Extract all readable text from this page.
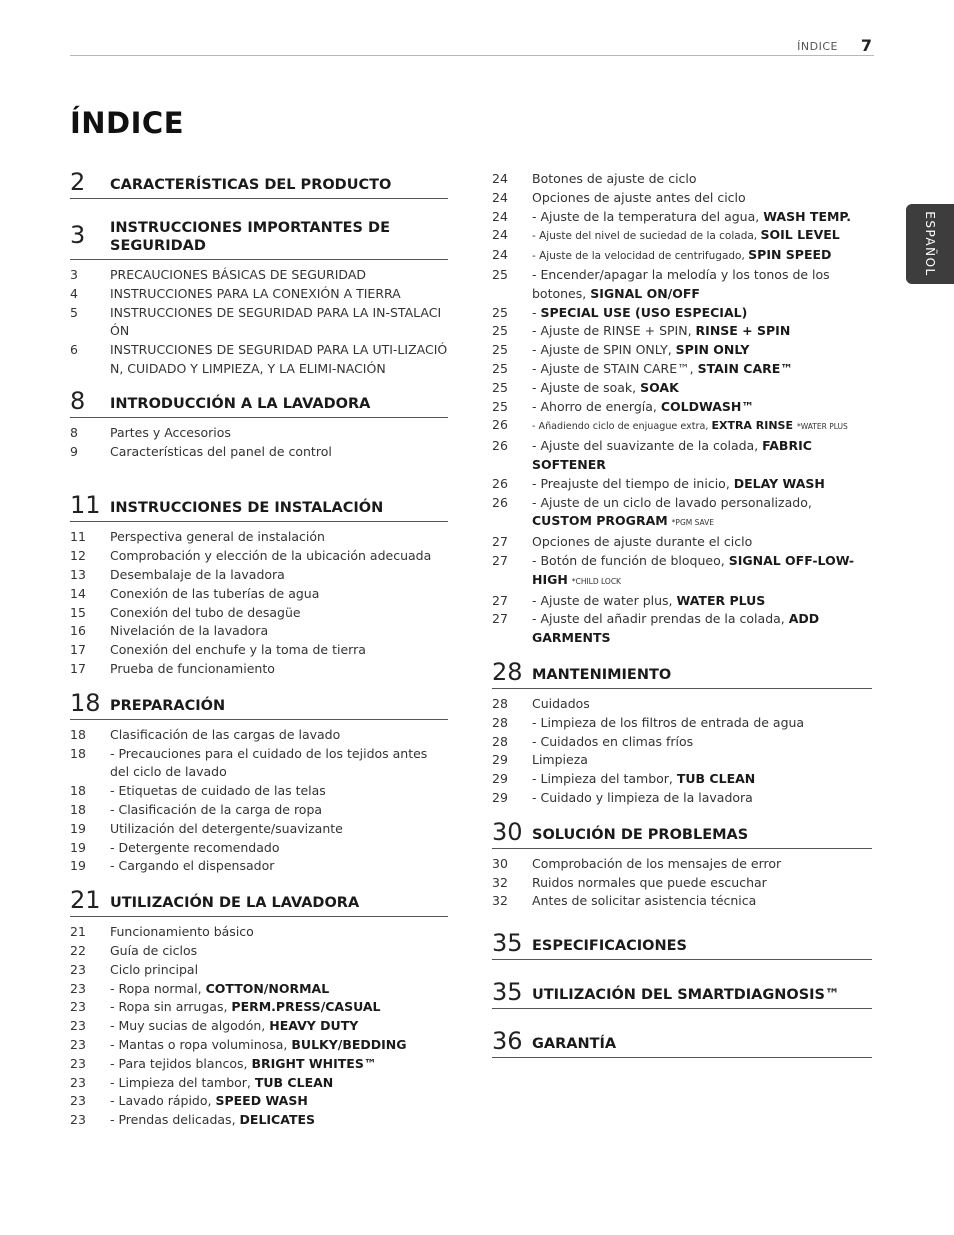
ÍNDICE 7
ÍNDICE
ESPAÑOL
2	CARACTERÍSTICAS DEL PRODUCTO
3	INSTRUCCIONES IMPORTANTES DE SEGURIDAD
3	PRECAUCIONES BÁSICAS DE SEGURIDAD
4	INSTRUCCIONES PARA LA CONEXIÓN A TIERRA
5	INSTRUCCIONES DE SEGURIDAD PARA LA IN-STALACIÓN
6	INSTRUCCIONES DE SEGURIDAD PARA LA UTI-LIZACIÓN, CUIDADO Y LIMPIEZA, Y LA ELIMI-NACIÓN
8	INTRODUCCIÓN A LA LAVADORA
8	Partes y Accesorios
9	Características del panel de control
11 INSTRUCCIONES DE INSTALACIÓN
11	Perspectiva general de instalación
12	Comprobación y elección de la ubicación adecuada
13	Desembalaje de la lavadora
14	Conexión de las tuberías de agua
15	Conexión del tubo de desagüe
16	Nivelación de la lavadora
17	Conexión del enchufe y la toma de tierra
17	Prueba de funcionamiento
18 PREPARACIÓN
18	Clasificación de las cargas de lavado
18	- Precauciones para el cuidado de los tejidos antes del ciclo de lavado
18	- Etiquetas de cuidado de las telas
18	- Clasificación de la carga de ropa
19	Utilización del detergente/suavizante
19	- Detergente recomendado
19	- Cargando el dispensador
21 UTILIZACIÓN DE LA LAVADORA
21	Funcionamiento básico
22	Guía de ciclos
23	Ciclo principal
23	- Ropa normal, COTTON/NORMAL
23	- Ropa sin arrugas, PERM.PRESS/CASUAL
23	- Muy sucias de algodón, HEAVY DUTY
23	- Mantas o ropa voluminosa, BULKY/BEDDING
23	- Para tejidos blancos, BRIGHT WHITES™
23	- Limpieza del tambor, TUB CLEAN
23	- Lavado rápido, SPEED WASH
23	- Prendas delicadas, DELICATES
24	Botones de ajuste de ciclo
24	Opciones de ajuste antes del ciclo
24	- Ajuste de la temperatura del agua, WASH TEMP.
24	- Ajuste del nivel de suciedad de la colada, SOIL LEVEL
24	- Ajuste de la velocidad de centrifugado, SPIN SPEED
25	- Encender/apagar la melodía y los tonos de los botones, SIGNAL ON/OFF
25	- SPECIAL USE (USO ESPECIAL)
25	- Ajuste de RINSE + SPIN, RINSE + SPIN
25	- Ajuste de SPIN ONLY, SPIN ONLY
25	- Ajuste de STAIN CARE™, STAIN CARE™
25	- Ajuste de soak, SOAK
25	- Ahorro de energía, COLDWASH™
26	- Añadiendo ciclo de enjuague extra, EXTRA RINSE *WATER PLUS
26	- Ajuste del suavizante de la colada, FABRIC SOFTENER
26	- Preajuste del tiempo de inicio, DELAY WASH
26	- Ajuste de un ciclo de lavado personalizado, CUSTOM PROGRAM *PGM SAVE
27	Opciones de ajuste durante el ciclo
27	- Botón de función de bloqueo, SIGNAL OFF-LOW-HIGH *CHILD LOCK
27	- Ajuste de water plus, WATER PLUS
27	- Ajuste del añadir prendas de la colada, ADD GARMENTS
28 MANTENIMIENTO
28	Cuidados
28	- Limpieza de los filtros de entrada de agua
28	- Cuidados en climas fríos
29	Limpieza
29	- Limpieza del tambor, TUB CLEAN
29	- Cuidado y limpieza de la lavadora
30 SOLUCIÓN DE PROBLEMAS
30	Comprobación de los mensajes de error
32	Ruidos normales que puede escuchar
32	Antes de solicitar asistencia técnica
35 ESPECIFICACIONES
35 UTILIZACIÓN DEL SMARTDIAGNOSIS™
36 GARANTÍA
